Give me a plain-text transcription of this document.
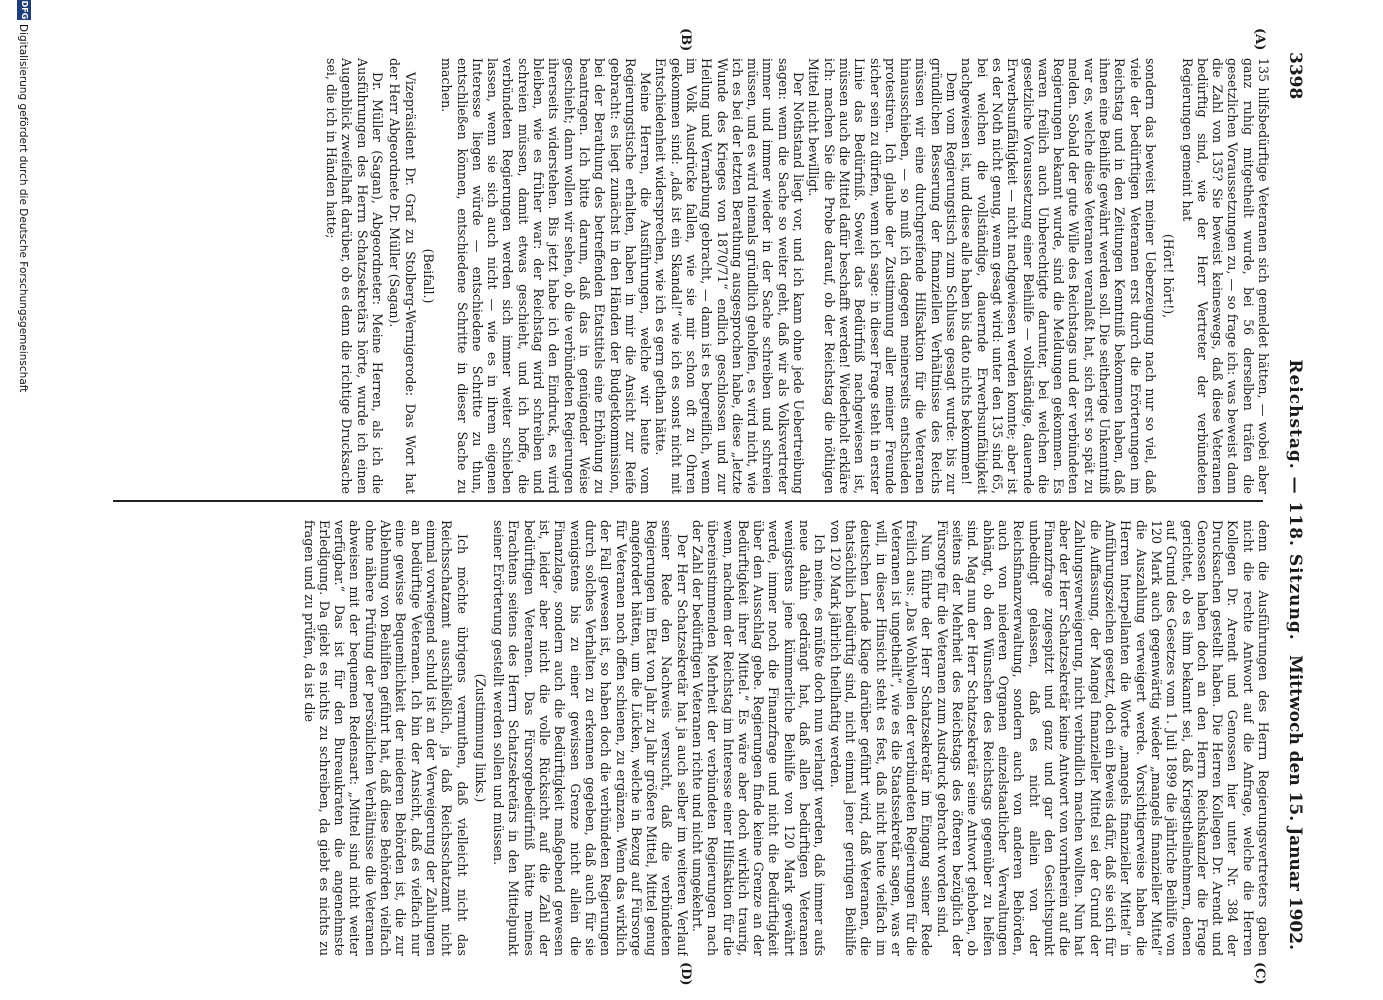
3398
Reichstag. — 118. Sitzung.
Mittwoch den 15. Januar 1902.
(A)
(B)
(C)
(D)

135 hilfsbedürftige Veteranen sich gemeldet hätten, — wobei aber ganz ruhig mitgetheilt wurde, bei 56 derselben träfen die gesetzlichen Voraussetzungen zu, — so frage ich: was beweist dann die Zahl von 135? Sie beweist keineswegs, daß diese Veteranen bedürftig sind, wie der Herr Vertreter der verbündeten Regierungen gemeint hat

(Hört! hört!),

sondern das beweist meiner Ueberzeugung nach nur so viel, daß viele der bedürftigen Veteranen erst durch die Erörterungen im Reichstag und in den Zeitungen Kenntniß bekommen haben, daß ihnen eine Beihilfe gewährt werden soll. Die seitherige Unkenntniß war es, welche diese Veteranen veranlaßt hat, sich erst so spät zu melden. Sobald der gute Wille des Reichstags und der verbündeten Regierungen bekannt wurde, sind die Meldungen gekommen. Es waren freilich auch Unberechtigte darunter, bei welchen die gesetzliche Voraussetzung einer Beihilfe — vollständige, dauernde Erwerbsunfähigkeit — nicht nachgewiesen werden konnte; aber ist es der Noth nicht genug, wenn gesagt wird: unter den 135 sind 65, bei welchen die vollständige, dauernde Erwerbsunfähigkeit nachgewiesen ist, und diese alle haben bis dato nichts bekommen!

Dem vom Regierungstisch zum Schlusse gesagt wurde: bis zur gründlichen Besserung der finanziellen Verhältnisse des Reichs müssen wir eine durchgreifende Hilfsaktion für die Veteranen hinausschieben, — so muß ich dagegen meinerseits entschieden protestiren. Ich glaube der Zustimmung aller meiner Freunde sicher sein zu dürfen, wenn ich sage: in dieser Frage steht in erster Linie das Bedürfniß. Soweit das Bedürfniß nachgewiesen ist, müssen auch die Mittel dafür beschafft werden! Wiederholt erkläre ich: machen Sie die Probe darauf, ob der Reichstag die nöthigen Mittel nicht bewilligt.

Der Nothstand liegt vor, und ich kann ohne jede Uebertreibung sagen: wenn die Sache so weiter geht, daß wir als Volksvertreter immer und immer wieder in der Sache schreiben und schreien müssen, und es wird niemals gründlich geholfen, es wird nicht, wie ich es bei der letzten Berathung ausgesprochen habe, diese „letzte Wunde des Krieges von 1870/71“ endlich geschlossen und zur Heilung und Vernarbung gebracht, — dann ist es begreiflich, wenn im Volk Ausdrücke fallen, wie sie mir schon oft zu Ohren gekommen sind: „daß ist ein Skandal!“ wie ich es sonst nicht mit Entschiedenheit widersprechen, wie ich es gern gethan hätte.

Meine Herren, die Ausführungen, welche wir heute vom Regierungstische erhalten, haben in mir die Ansicht zur Reife gebracht: es liegt zunächst in den Händen der Budgetkommission, bei der Berathung des betreffenden Etatstitels eine Erhöhung zu beantragen. Ich bitte darum, daß das in genügender Weise geschieht; dann wollen wir sehen, ob die verbündeten Regierungen ihrerseits widerstehen. Bis jetzt habe ich den Eindruck, es wird bleiben, wie es früher war: der Reichstag wird schreiben und schreien müssen, damit etwas geschieht, und ich hoffe, die verbündeten Regierungen werden sich immer weiter schieben lassen, wenn sie sich auch nicht — wie es in ihrem eigenen Interesse liegen würde — entschiedene Schritte zu thun, entschließen können, entschiedene Schritte in dieser Sache zu machen.

(Beifall.)

Vizepräsident Dr. Graf zu Stolberg-Wernigerode: Das Wort hat der Herr Abgeordnete Dr. Müller (Sagan).

Dr. Müller (Sagan), Abgeordneter: Meine Herren, als ich die Ausführungen des Herrn Schatzsekretärs hörte, wurde ich einen Augenblick zweifelhaft darüber, ob es denn die richtige Drucksache sei, die ich in Händen hatte;

denn die Ausführungen des Herrn Regierungsvertreters gaben nicht die rechte Antwort auf die Anfrage, welche die Herren Kollegen Dr. Arendt und Genossen hier unter Nr. 384 der Drucksachen gestellt haben. Die Herren Kollegen Dr. Arendt und Genossen haben doch an den Herrn Reichskanzler die Frage gerichtet, ob es ihm bekannt sei, daß Kriegstheilnehmern, denen auf Grund des Gesetzes vom 1. Juli 1899 die jährliche Beihilfe von 120 Mark auch gegenwärtig wieder „mangels finanzieller Mittel“ die Auszahlung verweigert werde. Vorsichtigerweise haben die Herren Interpellanten die Worte „mangels finanzieller Mittel“ in Anführungszeichen gesetzt, doch ein Beweis dafür, daß sie sich für die Auffassung, der Mangel finanzieller Mittel sei der Grund der Zahlungsverweigerung, nicht verbindlich machen wollten. Nun hat aber der Herr Schatzsekretär keine Antwort von vornherein auf die Finanzfrage zugespitzt und ganz und gar den Gesichtspunkt unbedingt gelassen, daß es nicht allein von der Reichsfinanzverwaltung, sondern auch von anderen Behörden, auch von niederen Organen einzelstaatlicher Verwaltungen abhängt, ob den Wünschen des Reichstags gegenüber zu helfen sind. Mag nun der Herr Schatzsekretär seine Antwort gehoben, ob seitens der Mehrheit des Reichstags des öfteren bezüglich der Fürsorge für die Veteranen zum Ausdruck gebracht worden sind.

Nun führte der Herr Schatzsekretär im Eingang seiner Rede freilich aus: „Das Wohlwollen der verbündeten Regierungen für die Veteranen ist ungetheilt“, wie es die Staatssekretär sagen, was er will, in dieser Hinsicht steht es fest, daß nicht heute vielfach im deutschen Lande Klage darüber geführt wird, daß Veteranen, die thatsächlich bedürftig sind, nicht einmal jener geringen Beihilfe von 120 Mark jährlich theilhaftig werden.

Ich meine, es müßte doch nun verlangt werden, daß immer aufs neue dahin gedrängt hat, daß allen bedürftigen Veteranen wenigstens jene kümmerliche Beihilfe von 120 Mark gewährt werde, immer noch die Finanzfrage und nicht die Bedürftigkeit über den Ausschlag gebe. Regierungen finde keine Grenze an der Bedürftigkeit ihrer Mittel.“ Es wäre aber doch wirklich traurig, wenn, nachdem der Reichstag im Interesse einer Hilfsaktion für die übereinstimmenden Mehrheit der verbündeten Regierungen nach der Zahl der bedürftigen Veteranen richte und nicht umgekehrt.

Der Herr Schatzsekretär hat ja auch selber im weiteren Verlauf seiner Rede den Nachweis versucht, daß die verbündeten Regierungen im Etat von Jahr zu Jahr größere Mittel, Mittel genug angefordert hätten, um die Lücken, welche in Bezug auf Fürsorge für Veteranen noch offen schienen, zu ergänzen. Wenn das wirklich der Fall gewesen ist, so haben doch die verbündeten Regierungen durch solches Verhalten zu erkennen gegeben, daß auch für sie wenigstens bis zu einer gewissen Grenze nicht allein die Finanzlage, sondern auch die Bedürftigkeit maßgebend gewesen ist, leider aber nicht die volle Rücksicht auf die Zahl der bedürftigen Veteranen. Das Fürsorgebedürfniß hätte meines Erachtens seitens des Herrn Schatzsekretärs in den Mittelpunkt seiner Erörterung gestellt werden sollen und müssen.

(Zustimmung links.)

Ich möchte übrigens vermuthen, daß vielleicht nicht das Reichsschatzamt ausschließlich, ja daß Reichsschatzamt nicht einmal vorwiegend schuld ist an der Verweigerung der Zahlungen an bedürftige Veteranen. Ich bin der Ansicht, daß es vielfach nur eine gewisse Bequemlichkeit der niederen Behörden ist, die zur Ablehnung von Beihilfen geführt hat, daß diese Behörden vielfach ohne nähere Prüfung der persönlichen Verhältnisse die Veteranen abweisen mit der bequemen Redensart: „Mittel sind nicht weiter verfügbar.“ Das ist für den Bureaukraten die angenehmste Erledigung. Da giebt es nichts zu schreiben, da giebt es nichts zu fragen und zu prüfen, da ist die

DFG
Digitalisierung gefördert durch die Deutsche Forschungsgemeinschaft
